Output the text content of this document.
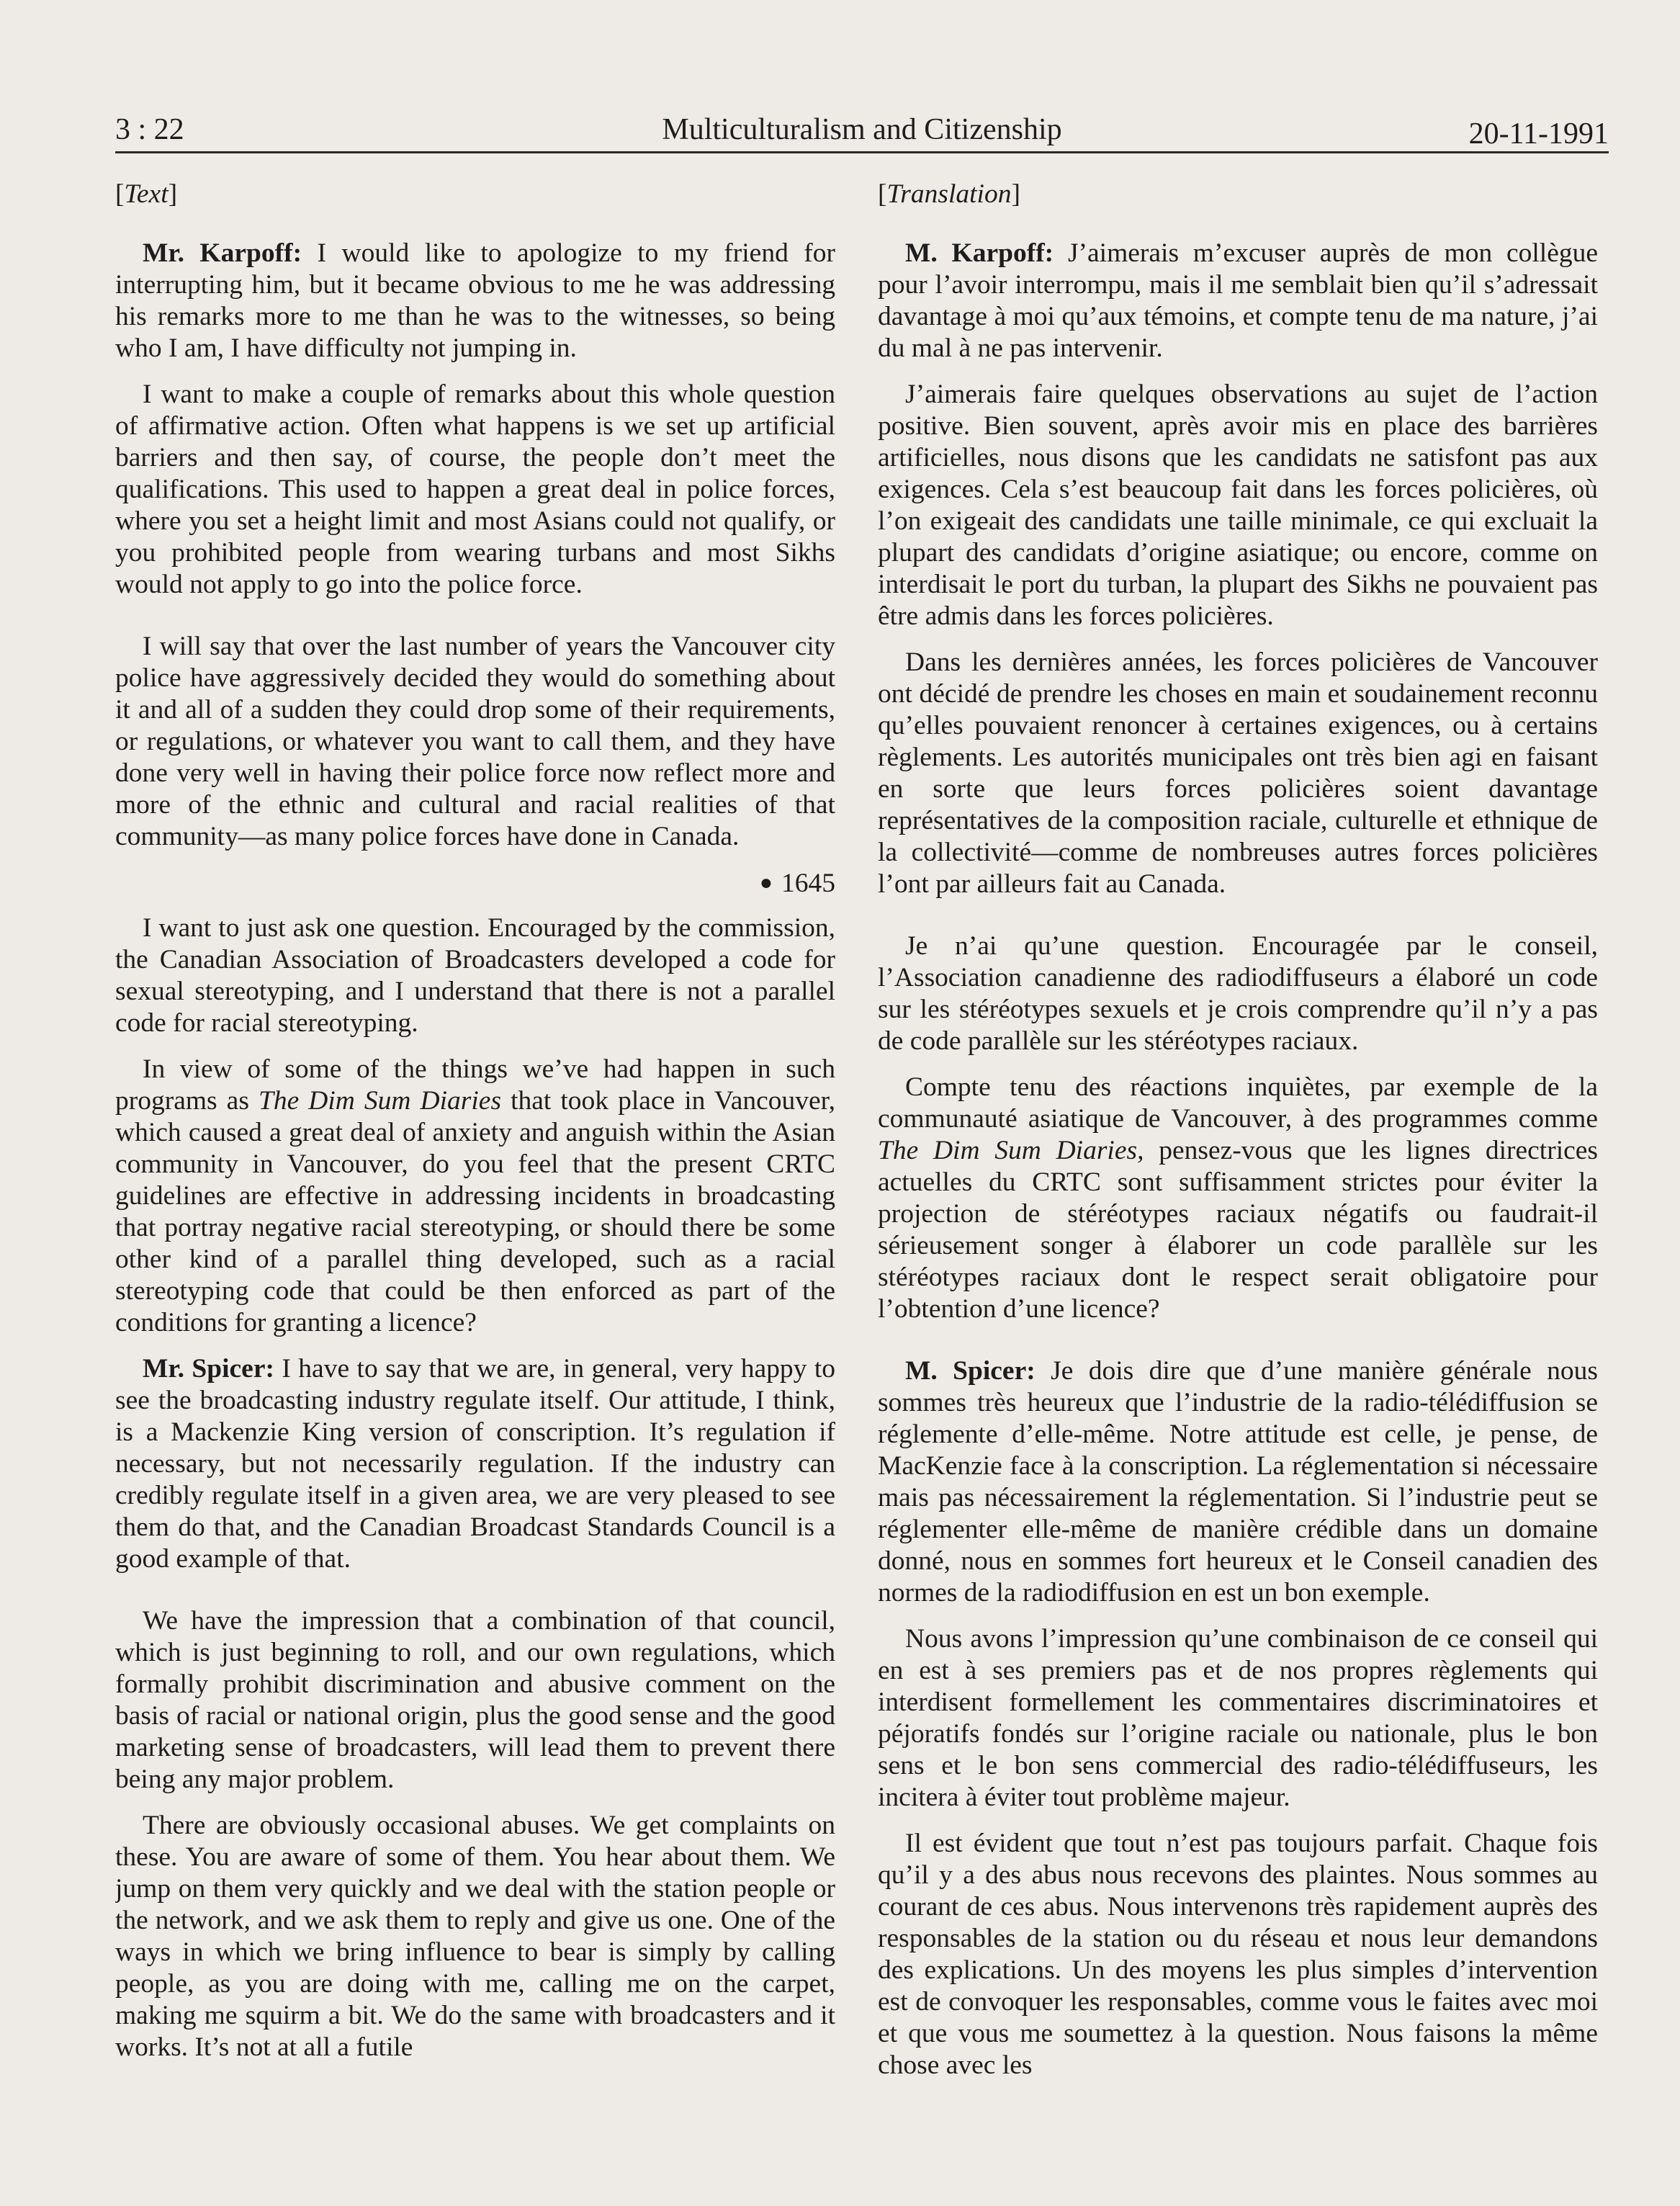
3 : 22	Multiculturalism and Citizenship	20-11-1991
[Text]

Mr. Karpoff: I would like to apologize to my friend for interrupting him, but it became obvious to me he was addressing his remarks more to me than he was to the witnesses, so being who I am, I have difficulty not jumping in.

I want to make a couple of remarks about this whole question of affirmative action. Often what happens is we set up artificial barriers and then say, of course, the people don’t meet the qualifications. This used to happen a great deal in police forces, where you set a height limit and most Asians could not qualify, or you prohibited people from wearing turbans and most Sikhs would not apply to go into the police force.

I will say that over the last number of years the Vancouver city police have aggressively decided they would do something about it and all of a sudden they could drop some of their requirements, or regulations, or whatever you want to call them, and they have done very well in having their police force now reflect more and more of the ethnic and cultural and racial realities of that community—as many police forces have done in Canada.

● 1645

I want to just ask one question. Encouraged by the commission, the Canadian Association of Broadcasters developed a code for sexual stereotyping, and I understand that there is not a parallel code for racial stereotyping.

In view of some of the things we’ve had happen in such programs as The Dim Sum Diaries that took place in Vancouver, which caused a great deal of anxiety and anguish within the Asian community in Vancouver, do you feel that the present CRTC guidelines are effective in addressing incidents in broadcasting that portray negative racial stereotyping, or should there be some other kind of a parallel thing developed, such as a racial stereotyping code that could be then enforced as part of the conditions for granting a licence?

Mr. Spicer: I have to say that we are, in general, very happy to see the broadcasting industry regulate itself. Our attitude, I think, is a Mackenzie King version of conscription. It’s regulation if necessary, but not necessarily regulation. If the industry can credibly regulate itself in a given area, we are very pleased to see them do that, and the Canadian Broadcast Standards Council is a good example of that.

We have the impression that a combination of that council, which is just beginning to roll, and our own regulations, which formally prohibit discrimination and abusive comment on the basis of racial or national origin, plus the good sense and the good marketing sense of broadcasters, will lead them to prevent there being any major problem.

There are obviously occasional abuses. We get complaints on these. You are aware of some of them. You hear about them. We jump on them very quickly and we deal with the station people or the network, and we ask them to reply and give us one. One of the ways in which we bring influence to bear is simply by calling people, as you are doing with me, calling me on the carpet, making me squirm a bit. We do the same with broadcasters and it works. It’s not at all a futile

[Translation]

M. Karpoff: J’aimerais m’excuser auprès de mon collègue pour l’avoir interrompu, mais il me semblait bien qu’il s’adressait davantage à moi qu’aux témoins, et compte tenu de ma nature, j’ai du mal à ne pas intervenir.

J’aimerais faire quelques observations au sujet de l’action positive. Bien souvent, après avoir mis en place des barrières artificielles, nous disons que les candidats ne satisfont pas aux exigences. Cela s’est beaucoup fait dans les forces policières, où l’on exigeait des candidats une taille minimale, ce qui excluait la plupart des candidats d’origine asiatique; ou encore, comme on interdisait le port du turban, la plupart des Sikhs ne pouvaient pas être admis dans les forces policières.

Dans les dernières années, les forces policières de Vancouver ont décidé de prendre les choses en main et soudainement reconnu qu’elles pouvaient renoncer à certaines exigences, ou à certains règlements. Les autorités municipales ont très bien agi en faisant en sorte que leurs forces policières soient davantage représentatives de la composition raciale, culturelle et ethnique de la collectivité—comme de nombreuses autres forces policières l’ont par ailleurs fait au Canada.

Je n’ai qu’une question. Encouragée par le conseil, l’Association canadienne des radiodiffuseurs a élaboré un code sur les stéréotypes sexuels et je crois comprendre qu’il n’y a pas de code parallèle sur les stéréotypes raciaux.

Compte tenu des réactions inquiètes, par exemple de la communauté asiatique de Vancouver, à des programmes comme The Dim Sum Diaries, pensez-vous que les lignes directrices actuelles du CRTC sont suffisamment strictes pour éviter la projection de stéréotypes raciaux négatifs ou faudrait-il sérieusement songer à élaborer un code parallèle sur les stéréotypes raciaux dont le respect serait obligatoire pour l’obtention d’une licence?

M. Spicer: Je dois dire que d’une manière générale nous sommes très heureux que l’industrie de la radio-télédiffusion se réglemente d’elle-même. Notre attitude est celle, je pense, de MacKenzie face à la conscription. La réglementation si nécessaire mais pas nécessairement la réglementation. Si l’industrie peut se réglementer elle-même de manière crédible dans un domaine donné, nous en sommes fort heureux et le Conseil canadien des normes de la radiodiffusion en est un bon exemple.

Nous avons l’impression qu’une combinaison de ce conseil qui en est à ses premiers pas et de nos propres règlements qui interdisent formellement les commentaires discriminatoires et péjoratifs fondés sur l’origine raciale ou nationale, plus le bon sens et le bon sens commercial des radio-télédiffuseurs, les incitera à éviter tout problème majeur.

Il est évident que tout n’est pas toujours parfait. Chaque fois qu’il y a des abus nous recevons des plaintes. Nous sommes au courant de ces abus. Nous intervenons très rapidement auprès des responsables de la station ou du réseau et nous leur demandons des explications. Un des moyens les plus simples d’intervention est de convoquer les responsables, comme vous le faites avec moi et que vous me soumettez à la question. Nous faisons la même chose avec les
